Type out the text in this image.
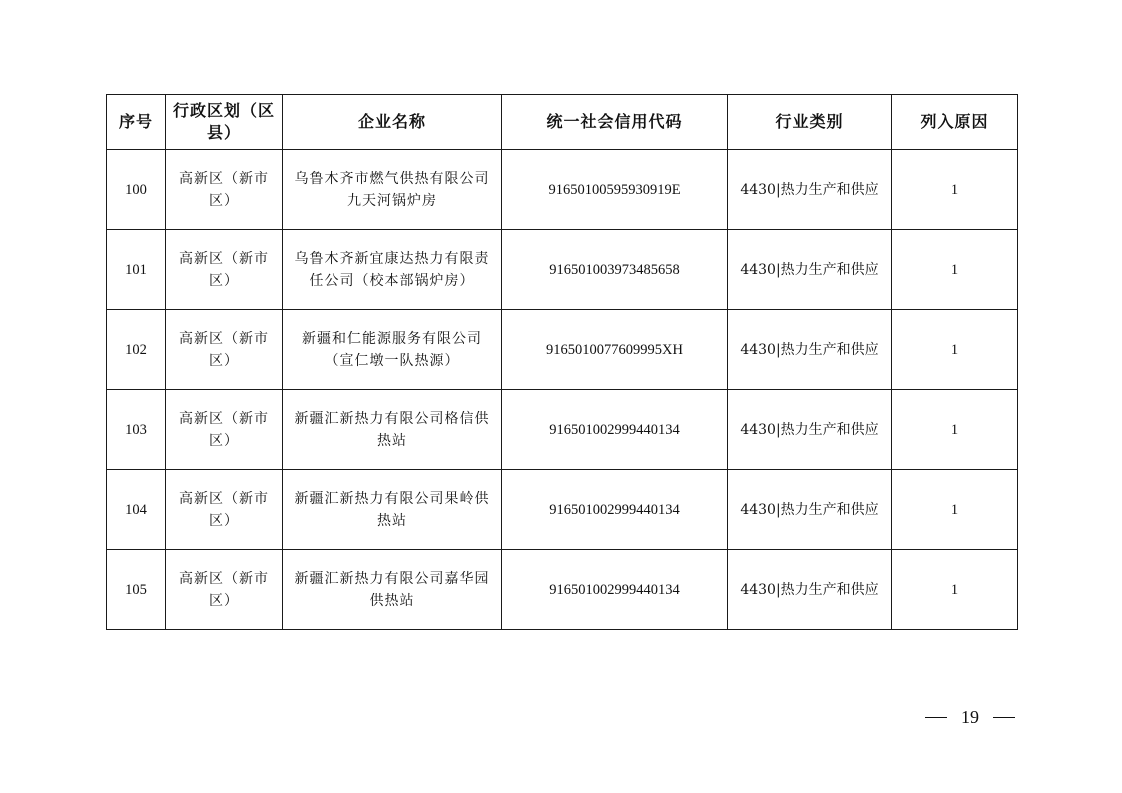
序号	行政区划（区县）	企业名称	统一社会信用代码	行业类别	列入原因
100	高新区（新市区）	乌鲁木齐市燃气供热有限公司九天河锅炉房	91650100595930919E	4430|热力生产和供应	1
101	高新区（新市区）	乌鲁木齐新宜康达热力有限责任公司（校本部锅炉房）	916501003973485658	4430|热力生产和供应	1
102	高新区（新市区）	新疆和仁能源服务有限公司（宣仁墩一队热源）	9165010077609995XH	4430|热力生产和供应	1
103	高新区（新市区）	新疆汇新热力有限公司格信供热站	916501002999440134	4430|热力生产和供应	1
104	高新区（新市区）	新疆汇新热力有限公司果岭供热站	916501002999440134	4430|热力生产和供应	1
105	高新区（新市区）	新疆汇新热力有限公司嘉华园供热站	916501002999440134	4430|热力生产和供应	1
19
